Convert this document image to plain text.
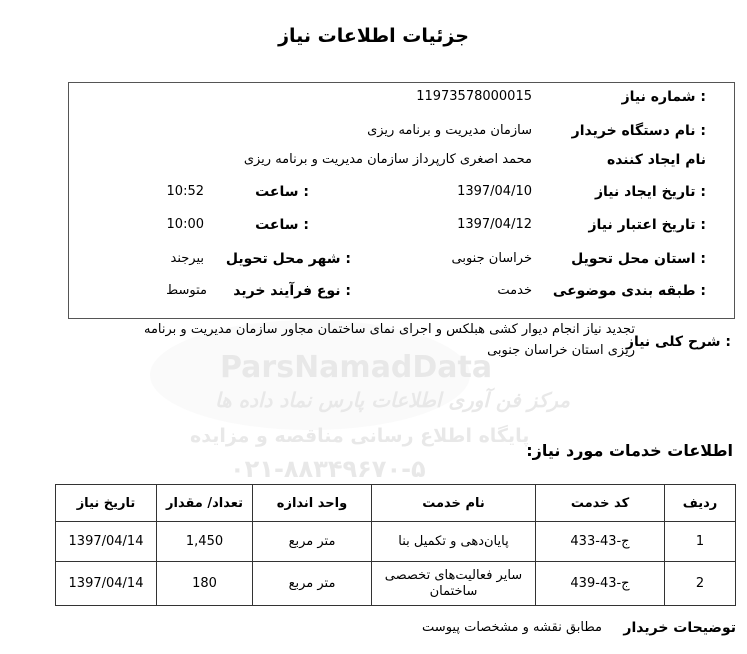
ParsNamadData
مرکز فن آوری اطلاعات پارس نماد داده ها
پایگاه اطلاع رسانی مناقصه و مزایده
۰۲۱-۸۸۳۴۹۶۷۰-۵
جزئیات اطلاعات نیاز
شماره نیاز :
11973578000015
نام دستگاه خریدار :
سازمان مدیریت و برنامه ریزی
نام ایجاد کننده
محمد اصغری کارپرداز سازمان مدیریت و برنامه ریزی
تاریخ ایجاد نیاز :
1397/04/10
ساعت :
10:52
تاریخ اعتبار نیاز :
1397/04/12
ساعت :
10:00
استان محل تحویل :
خراسان جنوبی
شهر محل تحویل :
بیرجند
طبقه بندی موضوعی :
خدمت
نوع فرآیند خرید :
متوسط
شرح کلی نیاز :
تجدید نیاز انجام دیوار کشی هبلکس و اجرای نمای ساختمان مجاور سازمان مدیریت و برنامه
ریزی استان خراسان جنوبی
اطلاعات خدمات مورد نیاز:
ردیف	کد خدمت	نام خدمت	واحد اندازه	تعداد/ مقدار	تاریخ نیاز
1	ج-43-433	پایان‌دهی و تکمیل بنا	متر مربع	1,450	1397/04/14
2	ج-43-439	سایر فعالیت‌های تخصصی ساختمان	متر مربع	180	1397/04/14
توضیحات خریدار
مطابق نقشه و مشخصات پیوست
